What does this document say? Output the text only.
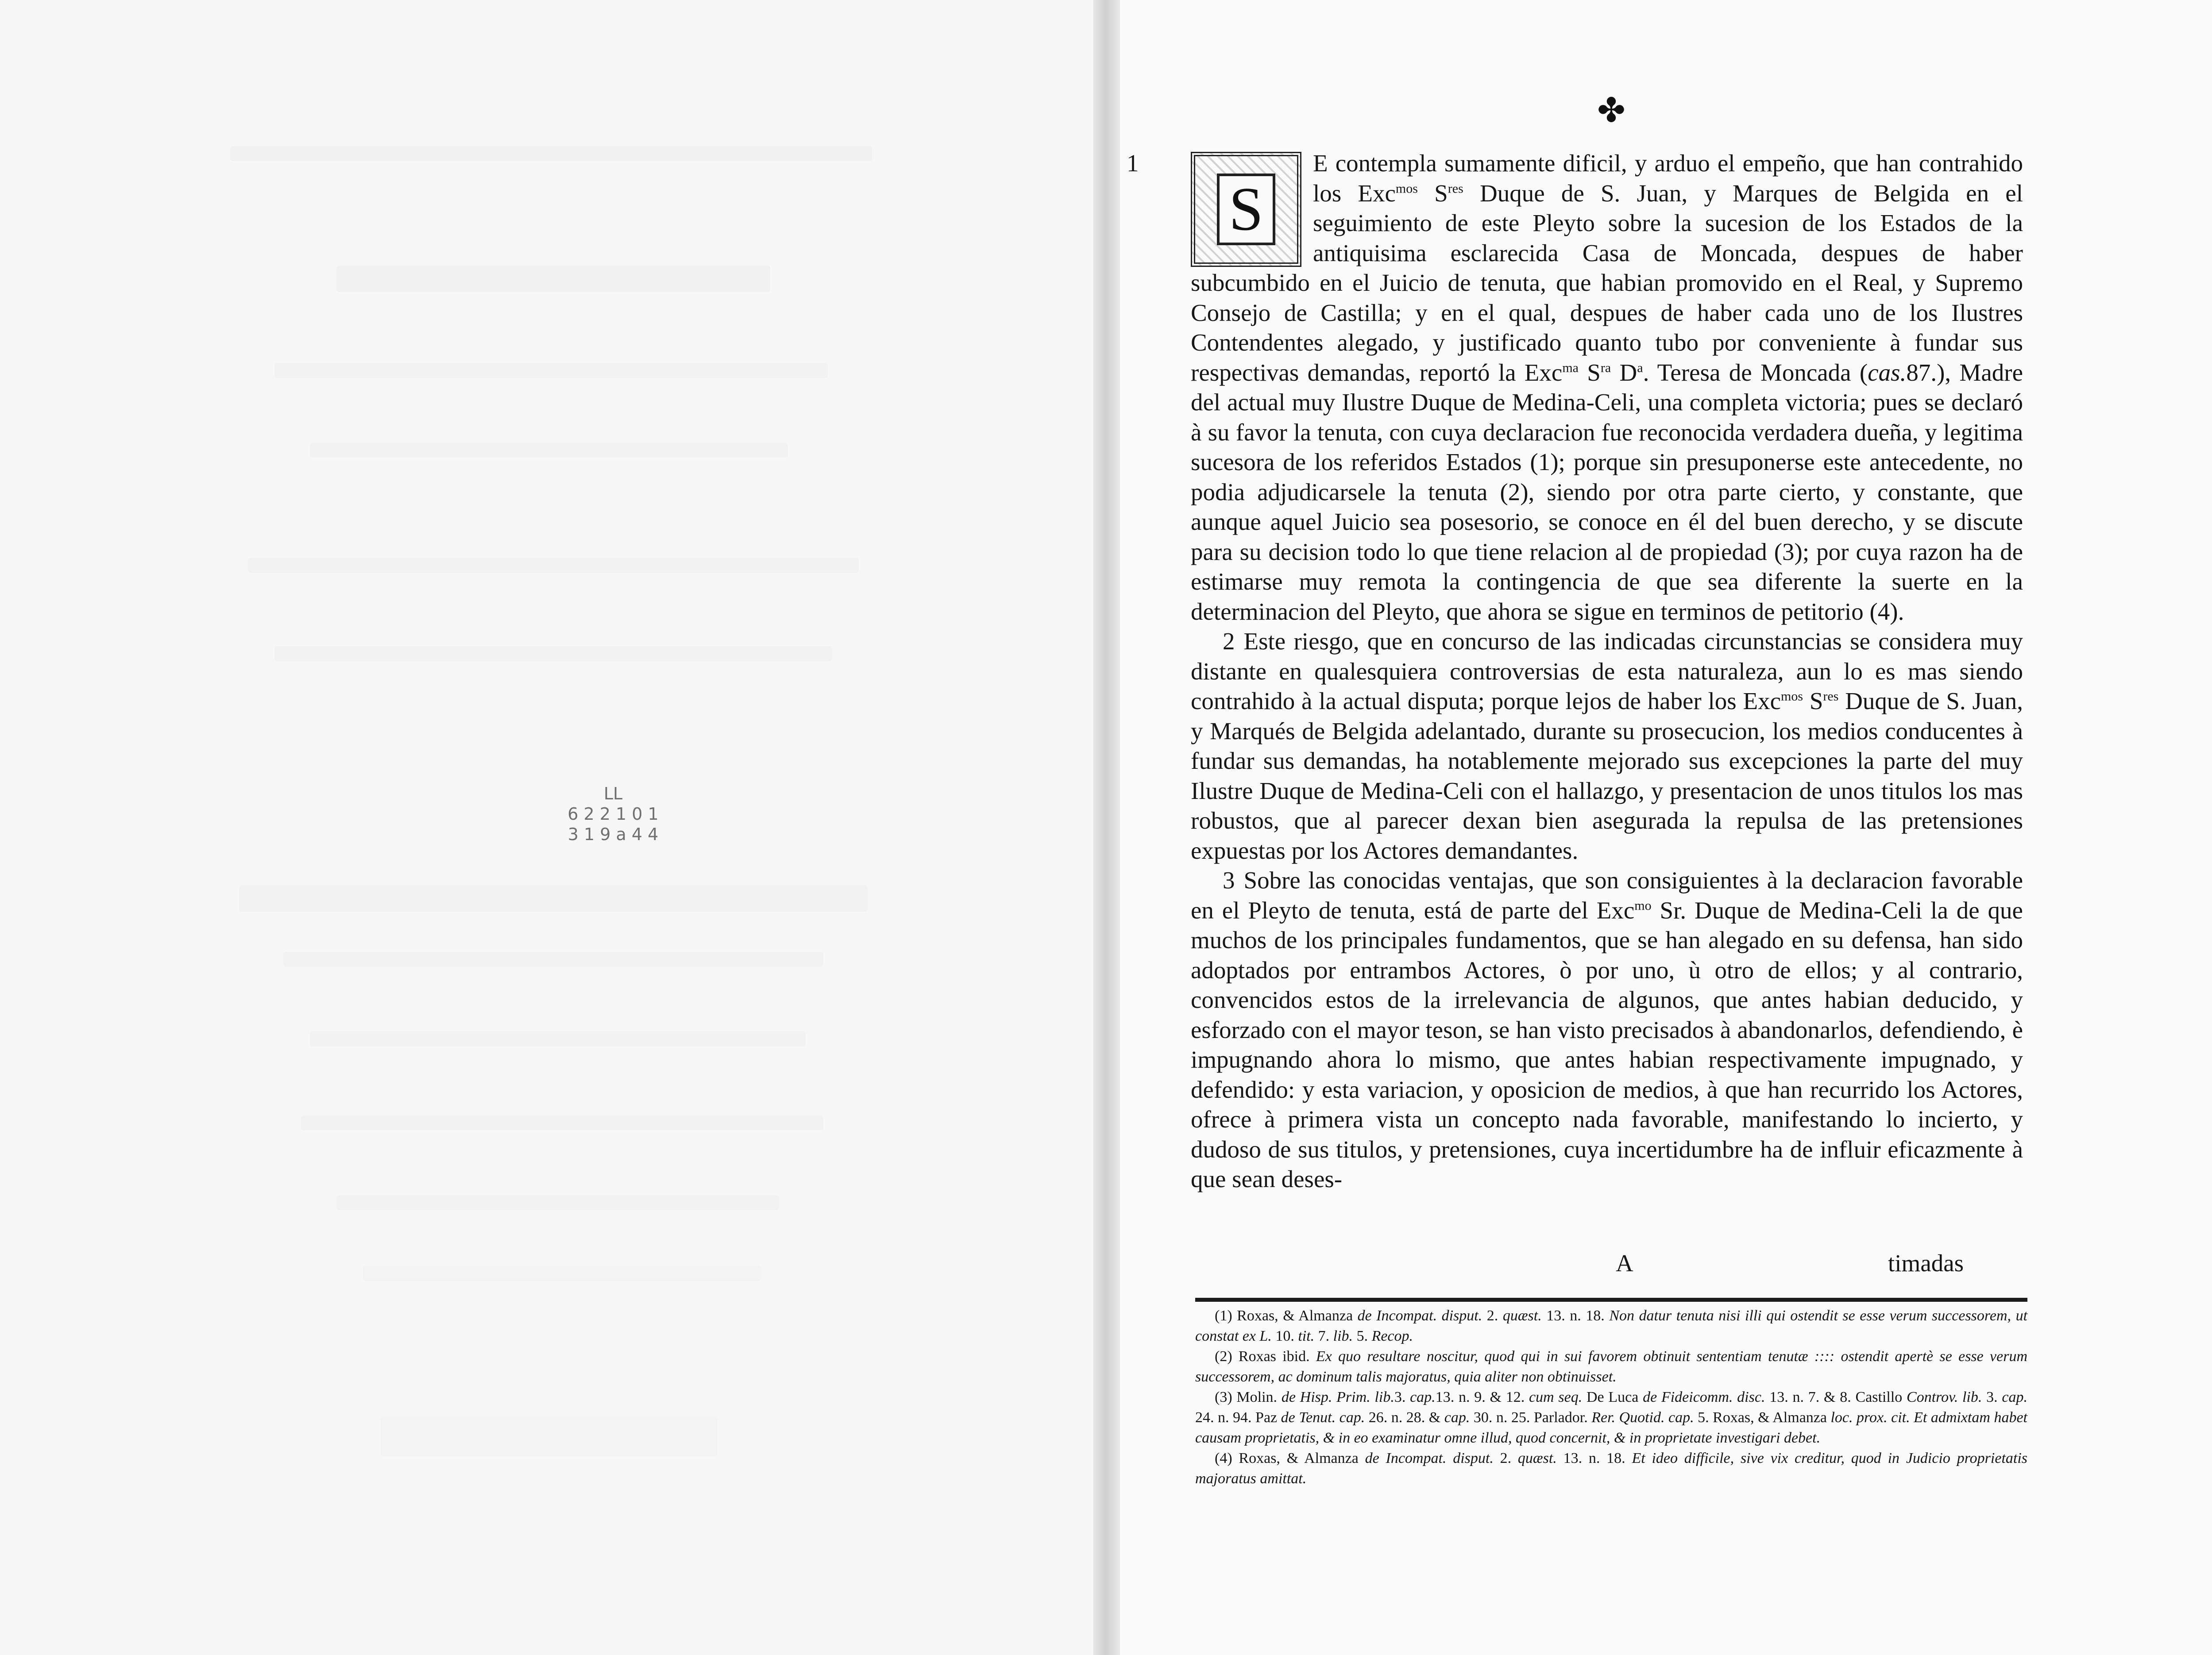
LL
6 2 2 1 0 1
3 1 9 a 4 4
✤

1
S
E contempla sumamente dificil, y arduo el empeño, que han contrahido los Exc$^{mos}$ $S^{res}$ Duque de S. Juan, y Marques de Belgida en el seguimiento de este Pleyto sobre la sucesion de los Estados de la antiquisima esclarecida Casa de Moncada, despues de haber subcumbido en el Juicio de tenuta, que habian promovido en el Real, y Supremo Consejo de Castilla; y en el qual, despues de haber cada uno de los Ilustres Contendentes alegado, y justificado quanto tubo por conveniente à fundar sus respectivas demandas, reportó la Exc$^{ma}$ $S^{ra}$ $D^a$. Teresa de Moncada (cas.87.), Madre del actual muy Ilustre Duque de Medina-Celi, una completa victoria; pues se declaró à su favor la tenuta, con cuya declaracion fue reconocida verdadera dueña, y legitima sucesora de los referidos Estados (1); porque sin presuponerse este antecedente, no podia adjudicarsele la tenuta (2), siendo por otra parte cierto, y constante, que aunque aquel Juicio sea posesorio, se conoce en él del buen derecho, y se discute para su decision todo lo que tiene relacion al de propiedad (3); por cuya razon ha de estimarse muy remota la contingencia de que sea diferente la suerte en la determinacion del Pleyto, que ahora se sigue en terminos de petitorio (4).

2 Este riesgo, que en concurso de las indicadas circunstancias se considera muy distante en qualesquiera controversias de esta naturaleza, aun lo es mas siendo contrahido à la actual disputa; porque lejos de haber los Exc$^{mos}$ $S^{res}$ Duque de S. Juan, y Marqués de Belgida adelantado, durante su prosecucion, los medios conducentes à fundar sus demandas, ha notablemente mejorado sus excepciones la parte del muy Ilustre Duque de Medina-Celi con el hallazgo, y presentacion de unos titulos los mas robustos, que al parecer dexan bien asegurada la repulsa de las pretensiones expuestas por los Actores demandantes.

3 Sobre las conocidas ventajas, que son consiguientes à la declaracion favorable en el Pleyto de tenuta, está de parte del Exc$^{mo}$ Sr. Duque de Medina-Celi la de que muchos de los principales fundamentos, que se han alegado en su defensa, han sido adoptados por entrambos Actores, ò por uno, ù otro de ellos; y al contrario, convencidos estos de la irrelevancia de algunos, que antes habian deducido, y esforzado con el mayor teson, se han visto precisados à abandonarlos, defendiendo, è impugnando ahora lo mismo, que antes habian respectivamente impugnado, y defendido: y esta variacion, y oposicion de medios, à que han recurrido los Actores, ofrece à primera vista un concepto nada favorable, manifestando lo incierto, y dudoso de sus titulos, y pretensiones, cuya incertidumbre ha de influir eficazmente à que sean deses-

A	timadas

(1) Roxas, & Almanza de Incompat. disput. 2. quæst. 13. n. 18. Non datur tenuta nisi illi qui ostendit se esse verum successorem, ut constat ex L. 10. tit. 7. lib. 5. Recop.

(2) Roxas ibid. Ex quo resultare noscitur, quod qui in sui favorem obtinuit sententiam tenutæ :::: ostendit apertè se esse verum successorem, ac dominum talis majoratus, quia aliter non obtinuisset.

(3) Molin. de Hisp. Prim. lib.3. cap.13. n. 9. & 12. cum seq. De Luca de Fideicomm. disc. 13. n. 7. & 8. Castillo Controv. lib. 3. cap. 24. n. 94. Paz de Tenut. cap. 26. n. 28. & cap. 30. n. 25. Parlador. Rer. Quotid. cap. 5. Roxas, & Almanza loc. prox. cit. Et admixtam habet causam proprietatis, & in eo examinatur omne illud, quod concernit, & in proprietate investigari debet.

(4) Roxas, & Almanza de Incompat. disput. 2. quæst. 13. n. 18. Et ideo difficile, sive vix creditur, quod in Judicio proprietatis majoratus amittat.
